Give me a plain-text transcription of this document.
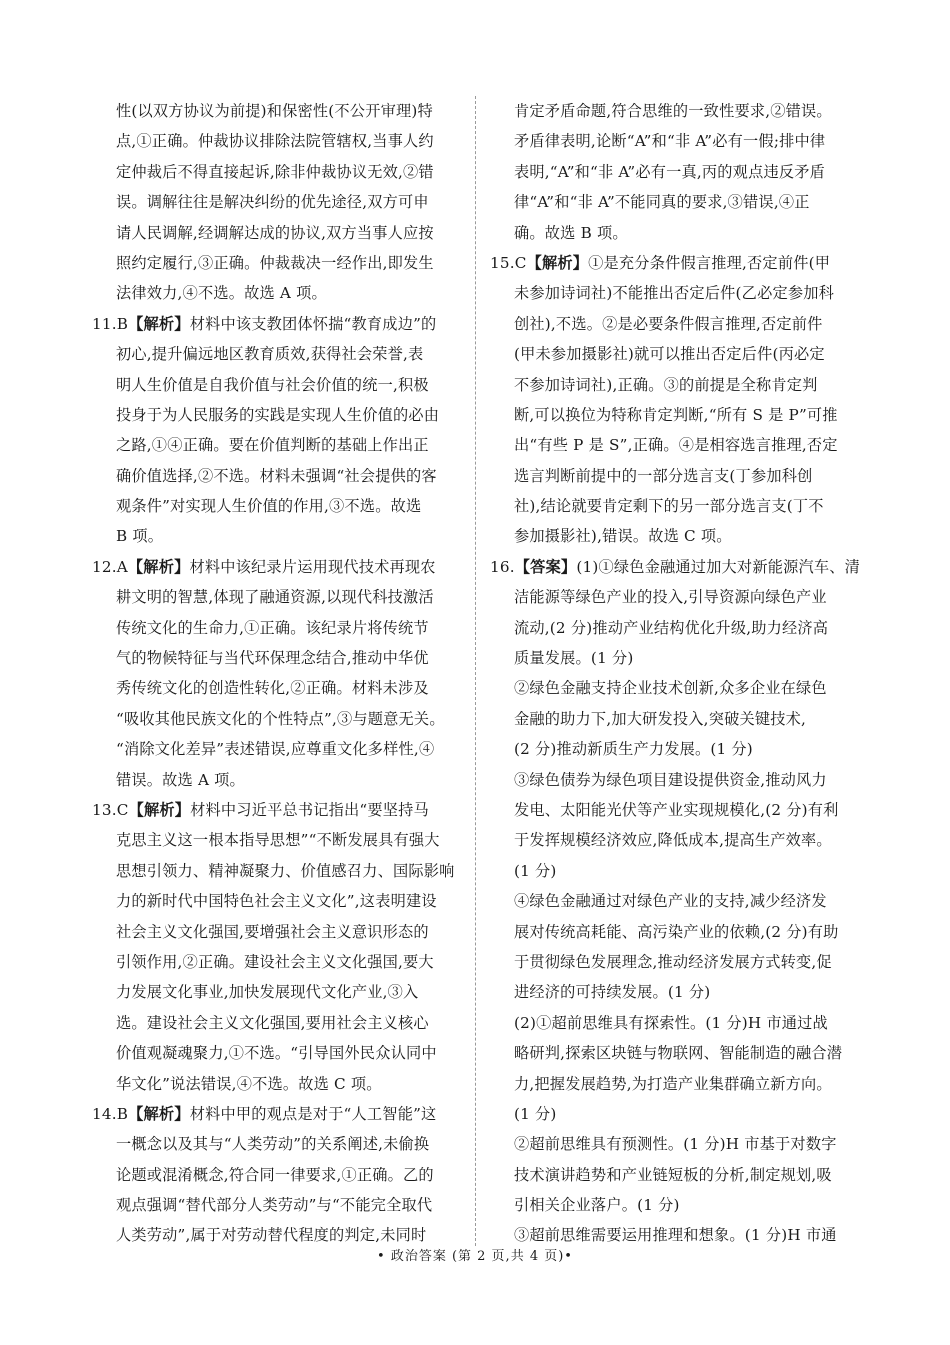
性(以双方协议为前提)和保密性(不公开审理)特
点,①正确。仲裁协议排除法院管辖权,当事人约
定仲裁后不得直接起诉,除非仲裁协议无效,②错
误。调解往往是解决纠纷的优先途径,双方可申
请人民调解,经调解达成的协议,双方当事人应按
照约定履行,③正确。仲裁裁决一经作出,即发生
法律效力,④不选。故选 A 项。
11.B【解析】材料中该支教团体怀揣“教育成边”的
初心,提升偏远地区教育质效,获得社会荣誉,表
明人生价值是自我价值与社会价值的统一,积极
投身于为人民服务的实践是实现人生价值的必由
之路,①④正确。要在价值判断的基础上作出正
确价值选择,②不选。材料未强调“社会提供的客
观条件”对实现人生价值的作用,③不选。故选
B 项。
12.A【解析】材料中该纪录片运用现代技术再现农
耕文明的智慧,体现了融通资源,以现代科技激活
传统文化的生命力,①正确。该纪录片将传统节
气的物候特征与当代环保理念结合,推动中华优
秀传统文化的创造性转化,②正确。材料未涉及
“吸收其他民族文化的个性特点”,③与题意无关。
“消除文化差异”表述错误,应尊重文化多样性,④
错误。故选 A 项。
13.C【解析】材料中习近平总书记指出“要坚持马
克思主义这一根本指导思想”“不断发展具有强大
思想引领力、精神凝聚力、价值感召力、国际影响
力的新时代中国特色社会主义文化”,这表明建设
社会主义文化强国,要增强社会主义意识形态的
引领作用,②正确。建设社会主义文化强国,要大
力发展文化事业,加快发展现代文化产业,③入
选。建设社会主义文化强国,要用社会主义核心
价值观凝魂聚力,①不选。“引导国外民众认同中
华文化”说法错误,④不选。故选 C 项。
14.B【解析】材料中甲的观点是对于“人工智能”这
一概念以及其与“人类劳动”的关系阐述,未偷换
论题或混淆概念,符合同一律要求,①正确。乙的
观点强调“替代部分人类劳动”与“不能完全取代
人类劳动”,属于对劳动替代程度的判定,未同时
肯定矛盾命题,符合思维的一致性要求,②错误。
矛盾律表明,论断“A”和“非 A”必有一假;排中律
表明,“A”和“非 A”必有一真,丙的观点违反矛盾
律“A”和“非 A”不能同真的要求,③错误,④正
确。故选 B 项。
15.C【解析】①是充分条件假言推理,否定前件(甲
未参加诗词社)不能推出否定后件(乙必定参加科
创社),不选。②是必要条件假言推理,否定前件
(甲未参加摄影社)就可以推出否定后件(丙必定
不参加诗词社),正确。③的前提是全称肯定判
断,可以换位为特称肯定判断,“所有 S 是 P”可推
出“有些 P 是 S”,正确。④是相容选言推理,否定
选言判断前提中的一部分选言支(丁参加科创
社),结论就要肯定剩下的另一部分选言支(丁不
参加摄影社),错误。故选 C 项。
16.【答案】(1)①绿色金融通过加大对新能源汽车、清
洁能源等绿色产业的投入,引导资源向绿色产业
流动,(2 分)推动产业结构优化升级,助力经济高
质量发展。(1 分)
②绿色金融支持企业技术创新,众多企业在绿色
金融的助力下,加大研发投入,突破关键技术,
(2 分)推动新质生产力发展。(1 分)
③绿色债券为绿色项目建设提供资金,推动风力
发电、太阳能光伏等产业实现规模化,(2 分)有利
于发挥规模经济效应,降低成本,提高生产效率。
(1 分)
④绿色金融通过对绿色产业的支持,减少经济发
展对传统高耗能、高污染产业的依赖,(2 分)有助
于贯彻绿色发展理念,推动经济发展方式转变,促
进经济的可持续发展。(1 分)
(2)①超前思维具有探索性。(1 分)H 市通过战
略研判,探索区块链与物联网、智能制造的融合潜
力,把握发展趋势,为打造产业集群确立新方向。
(1 分)
②超前思维具有预测性。(1 分)H 市基于对数字
技术演讲趋势和产业链短板的分析,制定规划,吸
引相关企业落户。(1 分)
③超前思维需要运用推理和想象。(1 分)H 市通
• 政治答案 (第 2 页,共 4 页)•
